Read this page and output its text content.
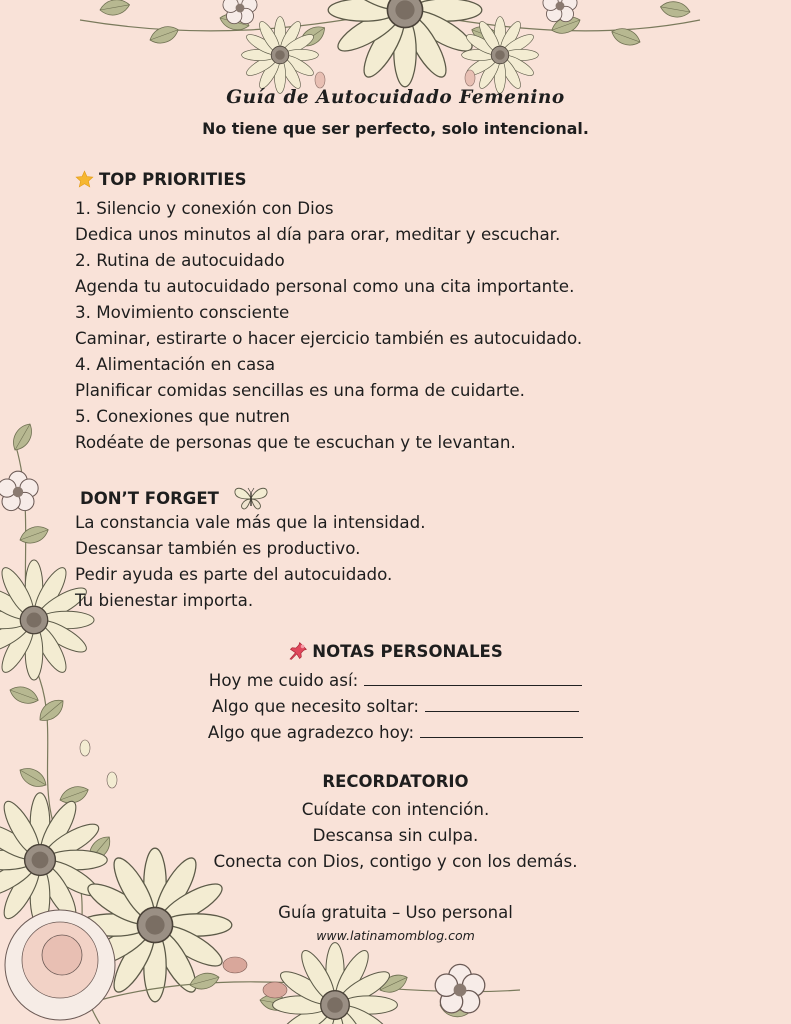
Guía de Autocuidado Femenino
No tiene que ser perfecto, solo intencional.
TOP PRIORITIES
1. Silencio y conexión con Dios
Dedica unos minutos al día para orar, meditar y escuchar.
2. Rutina de autocuidado
Agenda tu autocuidado personal como una cita importante.
3. Movimiento consciente
Caminar, estirarte o hacer ejercicio también es autocuidado.
4. Alimentación en casa
Planificar comidas sencillas es una forma de cuidarte.
5. Conexiones que nutren
Rodéate de personas que te escuchan y te levantan.
DON’T FORGET
La constancia vale más que la intensidad.
Descansar también es productivo.
Pedir ayuda es parte del autocuidado.
Tu bienestar importa.
NOTAS PERSONALES
Hoy me cuido así:
Algo que necesito soltar:
Algo que agradezco hoy:
RECORDATORIO
Cuídate con intención.
Descansa sin culpa.
Conecta con Dios, contigo y con los demás.
Guía gratuita – Uso personal
www.latinamomblog.com
